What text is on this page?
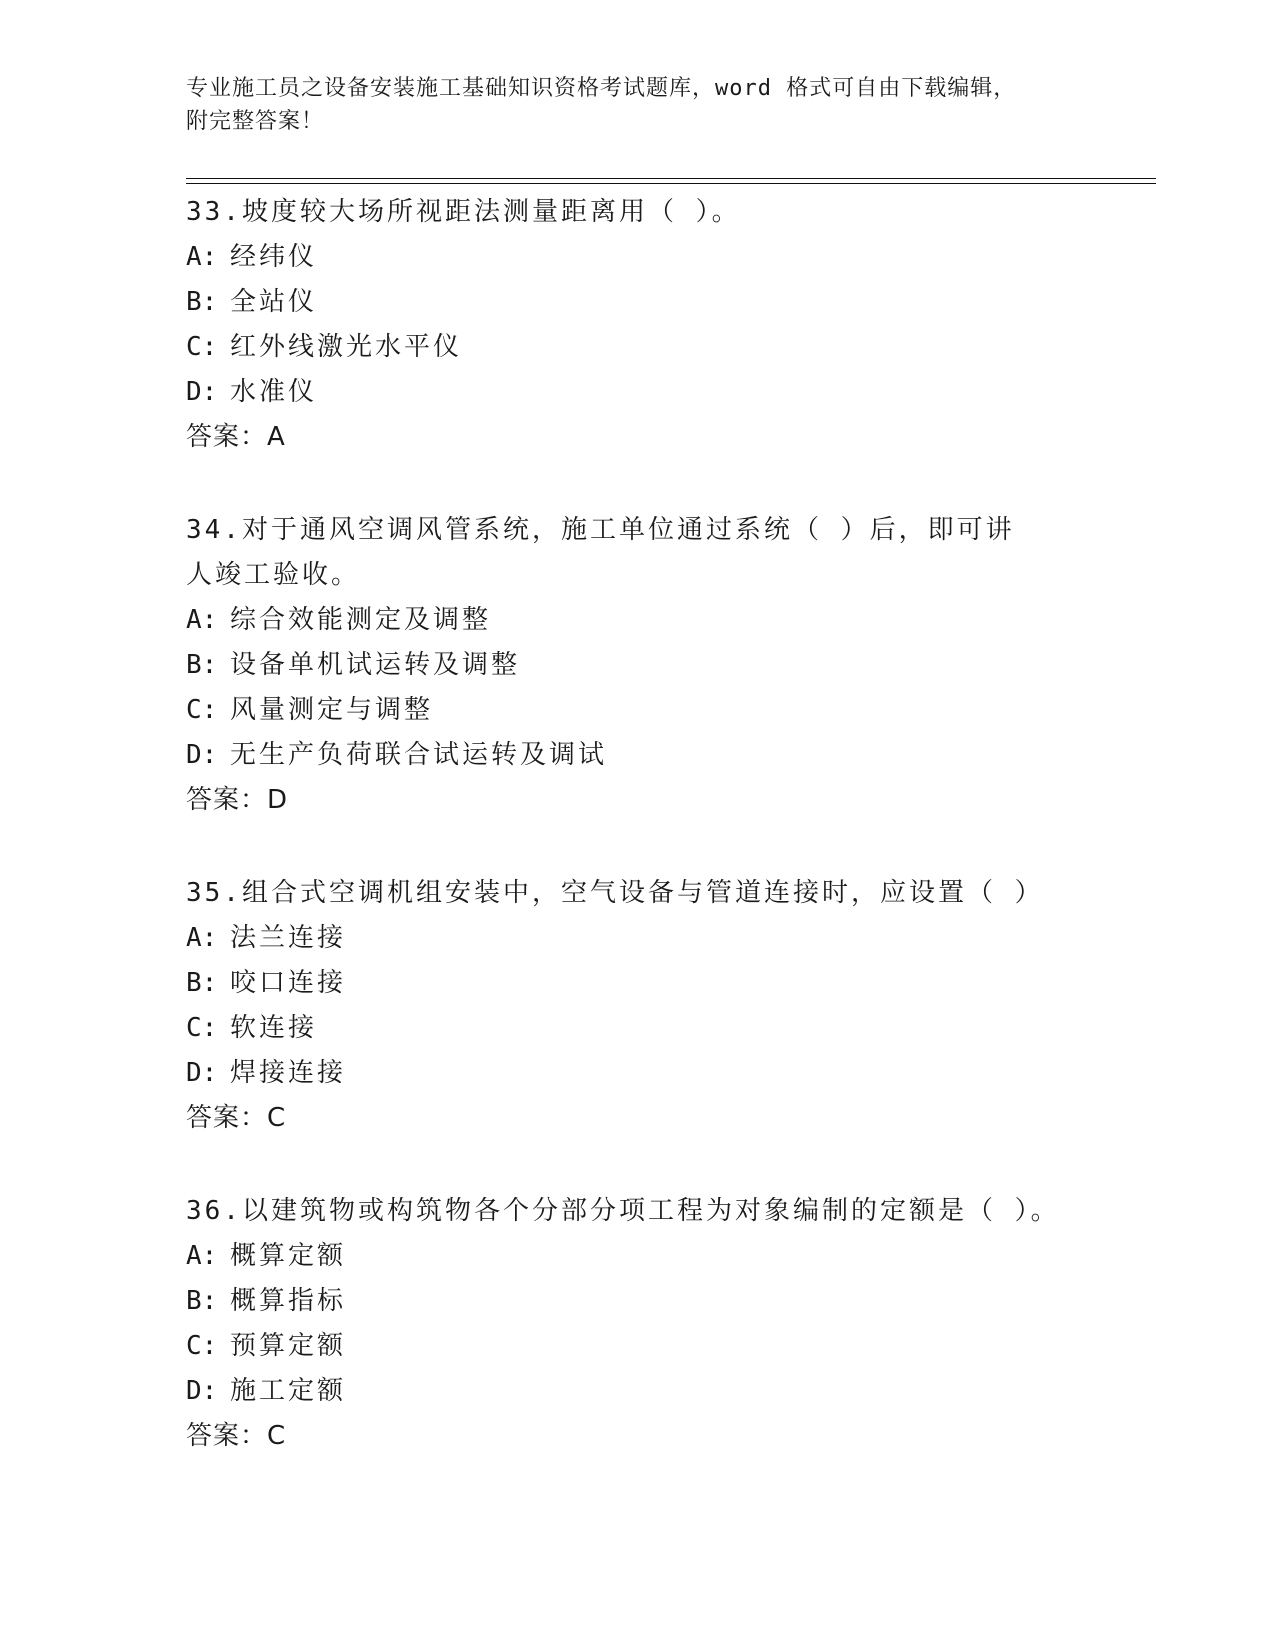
专业施工员之设备安装施工基础知识资格考试题库，word 格式可自由下载编辑，
附完整答案！
33.坡度较大场所视距法测量距离用（ ）。
A: 经纬仪
B: 全站仪
C: 红外线激光水平仪
D: 水准仪
答案：A
34.对于通风空调风管系统，施工单位通过系统（ ）后，即可讲人竣工验收。
A: 综合效能测定及调整
B: 设备单机试运转及调整
C: 风量测定与调整
D: 无生产负荷联合试运转及调试
答案：D
35.组合式空调机组安装中，空气设备与管道连接时，应设置（ ）
A: 法兰连接
B: 咬口连接
C: 软连接
D: 焊接连接
答案：C
36.以建筑物或构筑物各个分部分项工程为对象编制的定额是（ ）。
A: 概算定额
B: 概算指标
C: 预算定额
D: 施工定额
答案：C
